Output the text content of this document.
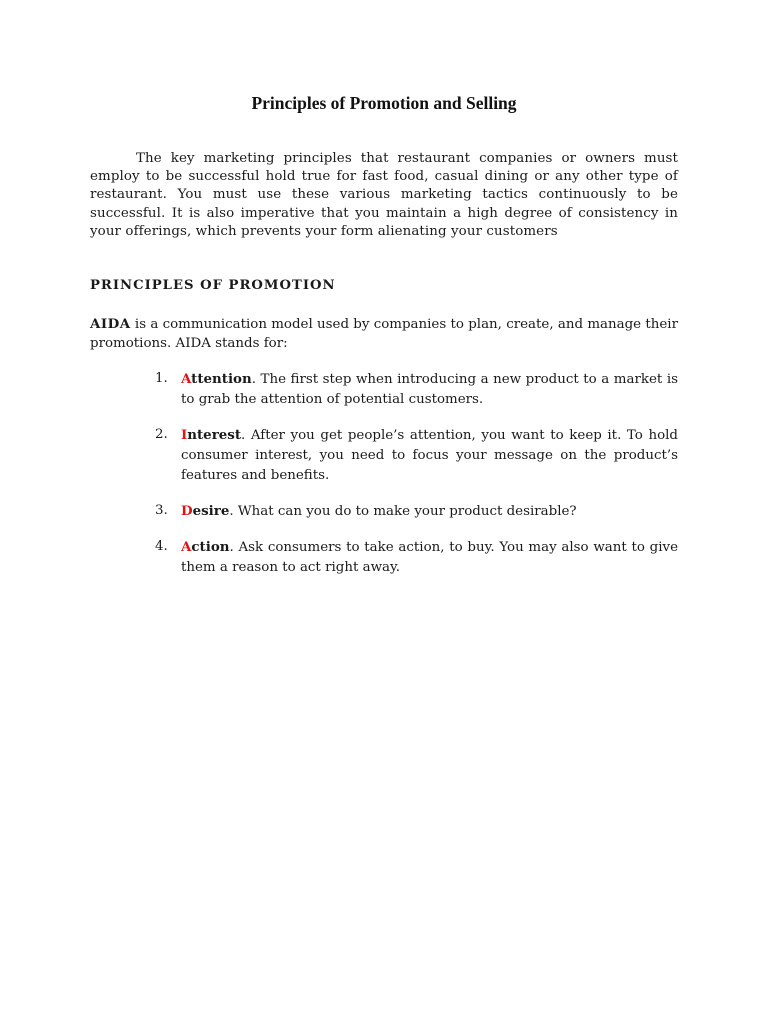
Principles of Promotion and Selling

The key marketing principles that restaurant companies or owners must employ to be successful hold true for fast food, casual dining or any other type of restaurant. You must use these various marketing tactics continuously to be successful. It is also imperative that you maintain a high degree of consistency in your offerings, which prevents your form alienating your customers

PRINCIPLES OF PROMOTION

AIDA is a communication model used by companies to plan, create, and manage their promotions. AIDA stands for:

1. Attention. The first step when introducing a new product to a market is to grab the attention of potential customers.
2. Interest. After you get people’s attention, you want to keep it. To hold consumer interest, you need to focus your message on the product’s features and benefits.
3. Desire. What can you do to make your product desirable?
4. Action. Ask consumers to take action, to buy. You may also want to give them a reason to act right away.
